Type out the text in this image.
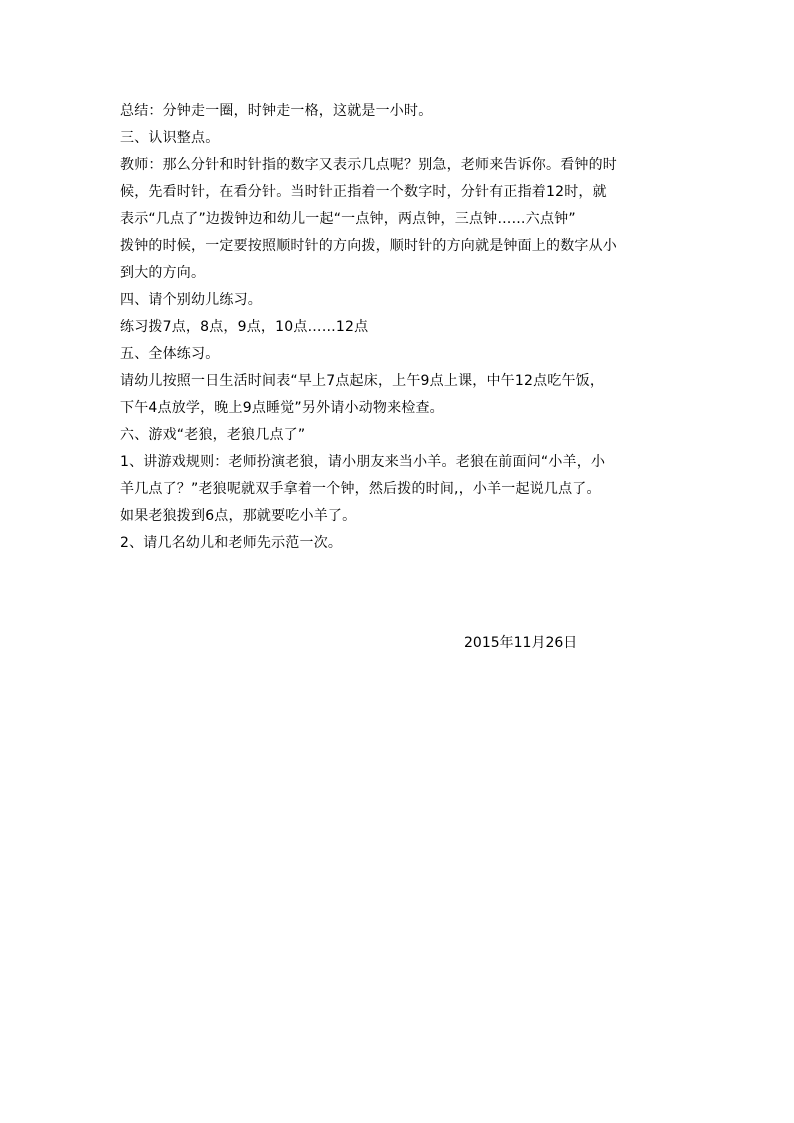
总结：分钟走一圈，时钟走一格，这就是一小时。
三、认识整点。
教师：那么分针和时针指的数字又表示几点呢？别急，老师来告诉你。看钟的时
候，先看时针，在看分针。当时针正指着一个数字时，分针有正指着12时，就
表示“几点了”边拨钟边和幼儿一起“一点钟，两点钟，三点钟……六点钟”
拨钟的时候，一定要按照顺时针的方向拨，顺时针的方向就是钟面上的数字从小
到大的方向。
四、请个别幼儿练习。
练习拨7点，8点，9点，10点……12点
五、全体练习。
请幼儿按照一日生活时间表“早上7点起床，上午9点上课，中午12点吃午饭，
下午4点放学，晚上9点睡觉”另外请小动物来检查。
六、游戏“老狼，老狼几点了”
1、讲游戏规则：老师扮演老狼，请小朋友来当小羊。老狼在前面问“小羊，小
羊几点了？”老狼呢就双手拿着一个钟，然后拨的时间,，小羊一起说几点了。
如果老狼拨到6点，那就要吃小羊了。
2、请几名幼儿和老师先示范一次。
2015年11月26日
